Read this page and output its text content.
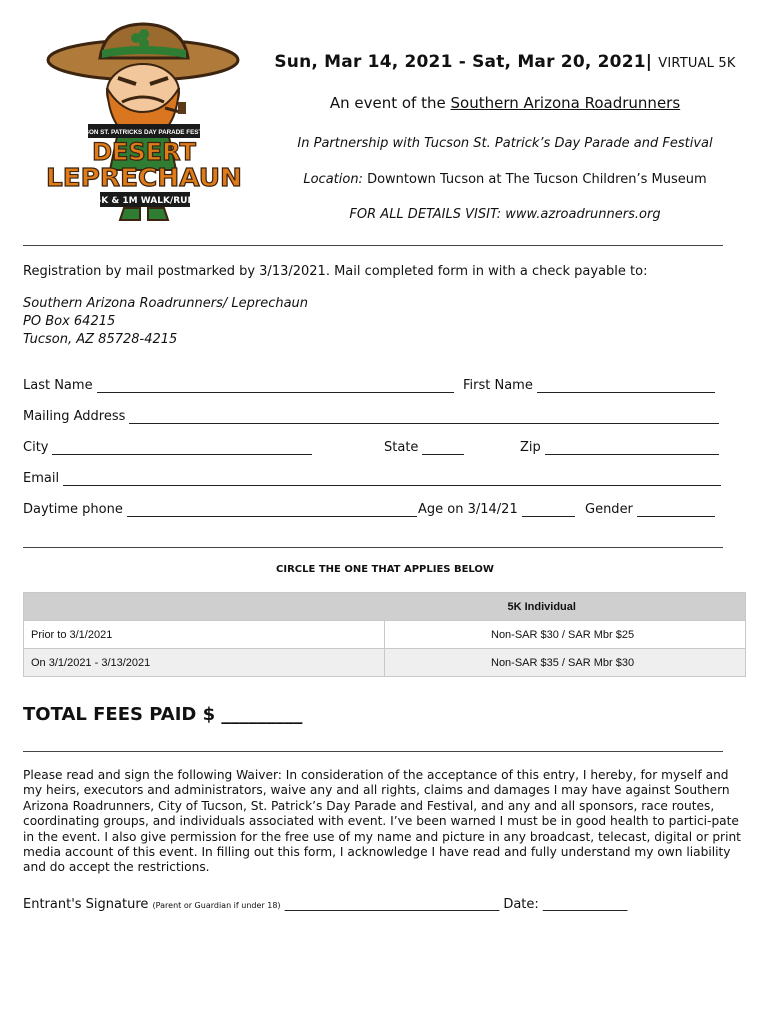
TUCSON ST. PATRICKS DAY PARADE FESTIVAL
DESERT
LEPRECHAUN
5K & 1M WALK/RUN
Sun, Mar 14, 2021 - Sat, Mar 20, 2021| VIRTUAL 5K
An event of the Southern Arizona Roadrunners
In Partnership with Tucson St. Patrick’s Day Parade and Festival
Location: Downtown Tucson at The Tucson Children’s Museum
FOR ALL DETAILS VISIT: www.azroadrunners.org
Registration by mail postmarked by 3/13/2021. Mail completed form in with a check payable to:
Southern Arizona Roadrunners/ Leprechaun
PO Box 64215
Tucson, AZ 85728-4215
Last Name	First Name
Mailing Address
City	State	Zip
Email
Daytime phone	Age on 3/14/21	Gender
CIRCLE THE ONE THAT APPLIES BELOW
	5K Individual
Prior to 3/1/2021	Non-SAR $30 / SAR Mbr $25
On 3/1/2021 - 3/13/2021	Non-SAR $35 / SAR Mbr $30
TOTAL FEES PAID $ _________
Please read and sign the following Waiver: In consideration of the acceptance of this entry, I hereby, for myself and my heirs, executors and administrators, waive any and all rights, claims and damages I may have against Southern Arizona Roadrunners, City of Tucson, St. Patrick’s Day Parade and Festival, and any and all sponsors, race routes, coordinating groups, and individuals associated with event. I’ve been warned I must be in good health to partici-pate in the event. I also give permission for the free use of my name and picture in any broadcast, telecast, digital or print media account of this event. In filling out this form, I acknowledge I have read and fully understand my own liability and do accept the restrictions.
Entrant's Signature (Parent or Guardian if under 18) _________________________________ Date: _____________
